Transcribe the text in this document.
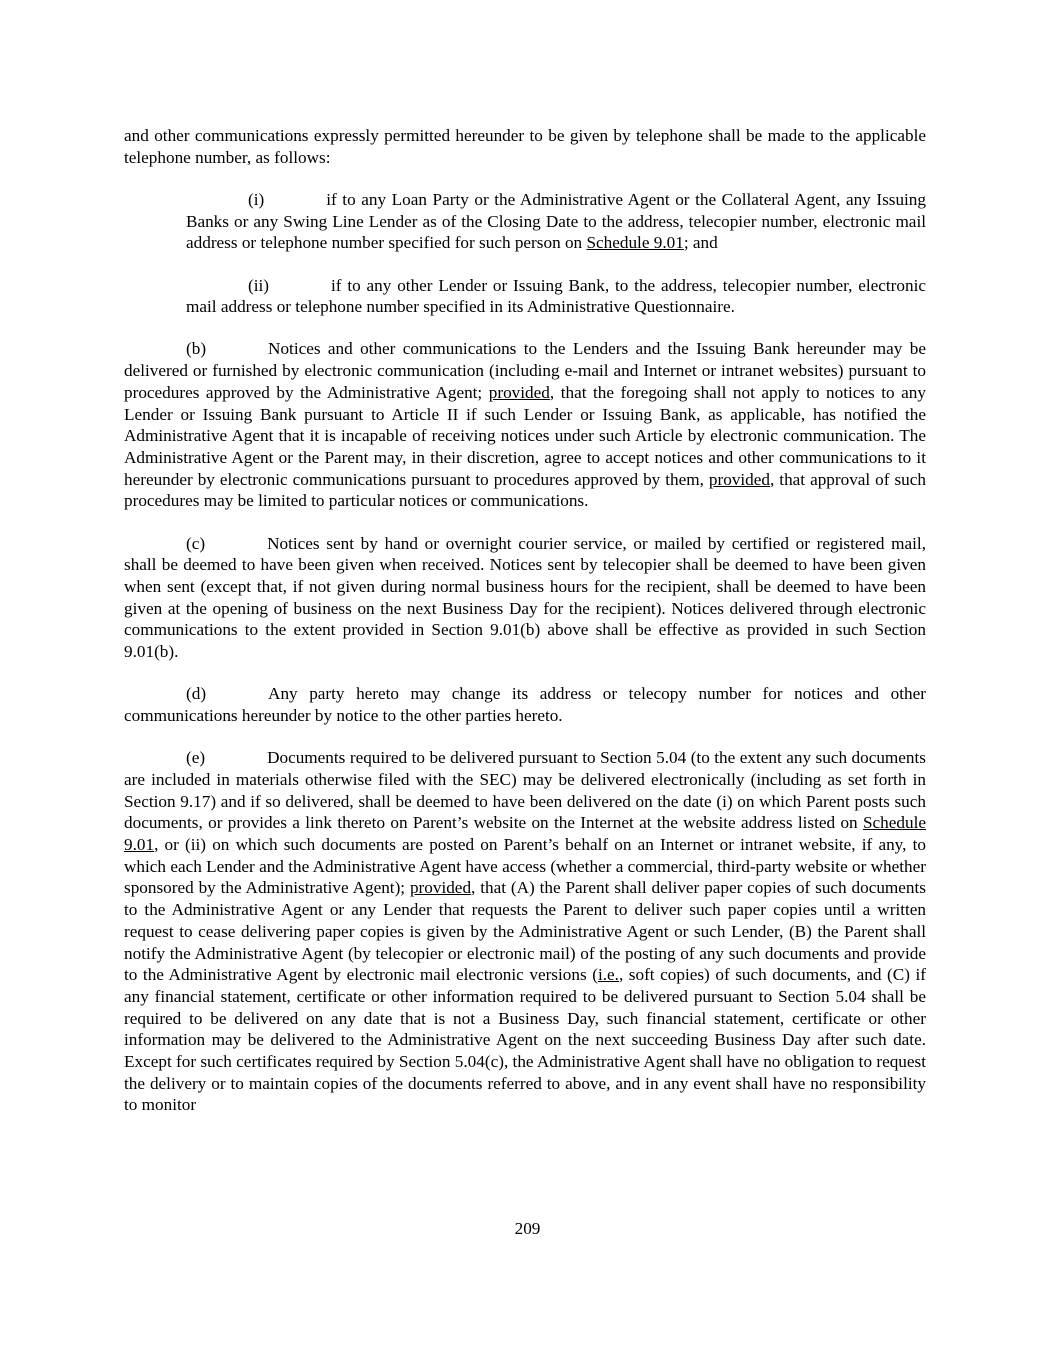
and other communications expressly permitted hereunder to be given by telephone shall be made to the applicable telephone number, as follows:

(i)	if to any Loan Party or the Administrative Agent or the Collateral Agent, any Issuing Banks or any Swing Line Lender as of the Closing Date to the address, telecopier number, electronic mail address or telephone number specified for such person on Schedule 9.01; and

(ii)	if to any other Lender or Issuing Bank, to the address, telecopier number, electronic mail address or telephone number specified in its Administrative Questionnaire.

(b)	Notices and other communications to the Lenders and the Issuing Bank hereunder may be delivered or furnished by electronic communication (including e-mail and Internet or intranet websites) pursuant to procedures approved by the Administrative Agent; provided, that the foregoing shall not apply to notices to any Lender or Issuing Bank pursuant to Article II if such Lender or Issuing Bank, as applicable, has notified the Administrative Agent that it is incapable of receiving notices under such Article by electronic communication. The Administrative Agent or the Parent may, in their discretion, agree to accept notices and other communications to it hereunder by electronic communications pursuant to procedures approved by them, provided, that approval of such procedures may be limited to particular notices or communications.

(c)	Notices sent by hand or overnight courier service, or mailed by certified or registered mail, shall be deemed to have been given when received. Notices sent by telecopier shall be deemed to have been given when sent (except that, if not given during normal business hours for the recipient, shall be deemed to have been given at the opening of business on the next Business Day for the recipient). Notices delivered through electronic communications to the extent provided in Section 9.01(b) above shall be effective as provided in such Section 9.01(b).

(d)	Any party hereto may change its address or telecopy number for notices and other communications hereunder by notice to the other parties hereto.

(e)	Documents required to be delivered pursuant to Section 5.04 (to the extent any such documents are included in materials otherwise filed with the SEC) may be delivered electronically (including as set forth in Section 9.17) and if so delivered, shall be deemed to have been delivered on the date (i) on which Parent posts such documents, or provides a link thereto on Parent’s website on the Internet at the website address listed on Schedule 9.01, or (ii) on which such documents are posted on Parent’s behalf on an Internet or intranet website, if any, to which each Lender and the Administrative Agent have access (whether a commercial, third-party website or whether sponsored by the Administrative Agent); provided, that (A) the Parent shall deliver paper copies of such documents to the Administrative Agent or any Lender that requests the Parent to deliver such paper copies until a written request to cease delivering paper copies is given by the Administrative Agent or such Lender, (B) the Parent shall notify the Administrative Agent (by telecopier or electronic mail) of the posting of any such documents and provide to the Administrative Agent by electronic mail electronic versions (i.e., soft copies) of such documents, and (C) if any financial statement, certificate or other information required to be delivered pursuant to Section 5.04 shall be required to be delivered on any date that is not a Business Day, such financial statement, certificate or other information may be delivered to the Administrative Agent on the next succeeding Business Day after such date. Except for such certificates required by Section 5.04(c), the Administrative Agent shall have no obligation to request the delivery or to maintain copies of the documents referred to above, and in any event shall have no responsibility to monitor

209
